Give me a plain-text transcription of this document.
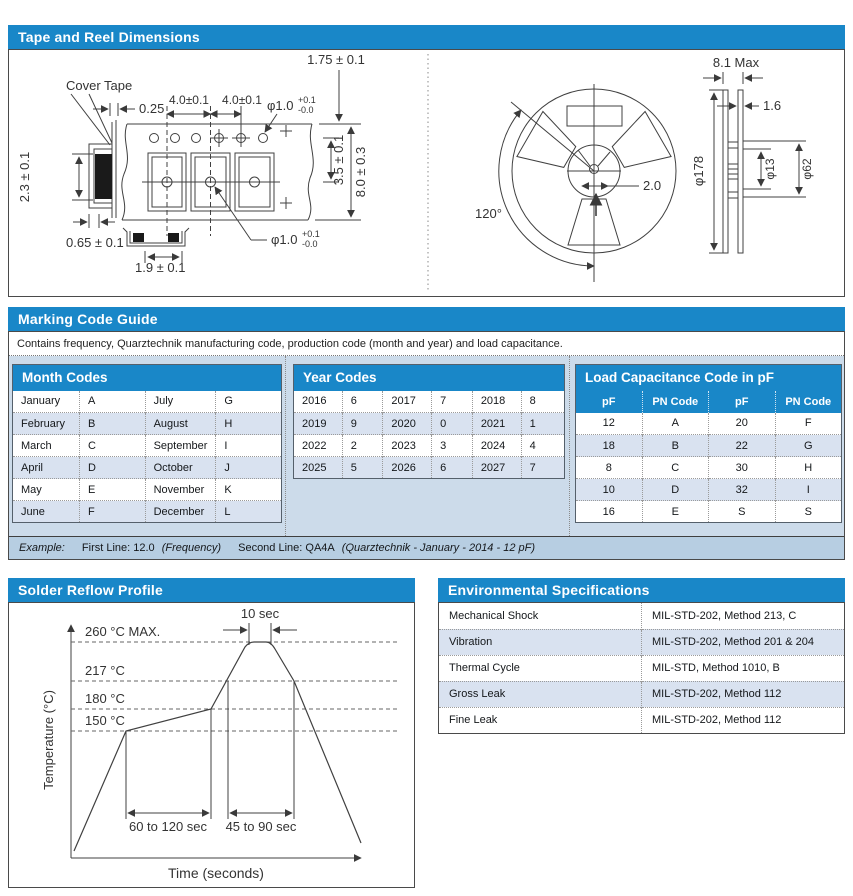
Tape and Reel Dimensions
Cover Tape
0.25
2.3 ± 0.1
0.65 ± 0.1
1.9 ± 0.1
4.0±0.1 4.0±0.1 φ1.0 +0.1
-0.0
1.75 ± 0.1
3.5 ± 0.1 8.0 ± 0.3
φ1.0 +0.1
-0.0
120°
2.0
8.1 Max
1.6
φ178	φ13 φ62
Marking Code Guide
Contains frequency, Quarztechnik manufacturing code, production code (month and year) and load capacitance.
Month Codes			
January	A	July	G
February	B	August	H
March	C	September	I
April	D	October	J
May	E	November	K
June	F	December	L
Year Codes					
2016	6	2017	7	2018	8
2019	9	2020	0	2021	1
2022	2	2023	3	2024	4
2025	5	2026	6	2027	7
Load Capacitance Code in pF			
pF	PN Code	pF	PN Code
12	A	20	F
18	B	22	G
8	C	30	H
10	D	32	I
16	E	S	S
Example: First Line: 12.0 (Frequency) Second Line: QA4A (Quarztechnik - January - 2014 - 12 pF)
Solder Reflow Profile
260 °C MAX.
217 °C
180 °C
150 °C
10 sec
60 to 120 sec 45 to 90 sec
Temperature (°C)
Time (seconds)
Environmental Specifications
Mechanical Shock	MIL-STD-202, Method 213, C
Vibration	MIL-STD-202, Method 201 & 204
Thermal Cycle	MIL-STD, Method 1010, B
Gross Leak	MIL-STD-202, Method 112
Fine Leak	MIL-STD-202, Method 112
